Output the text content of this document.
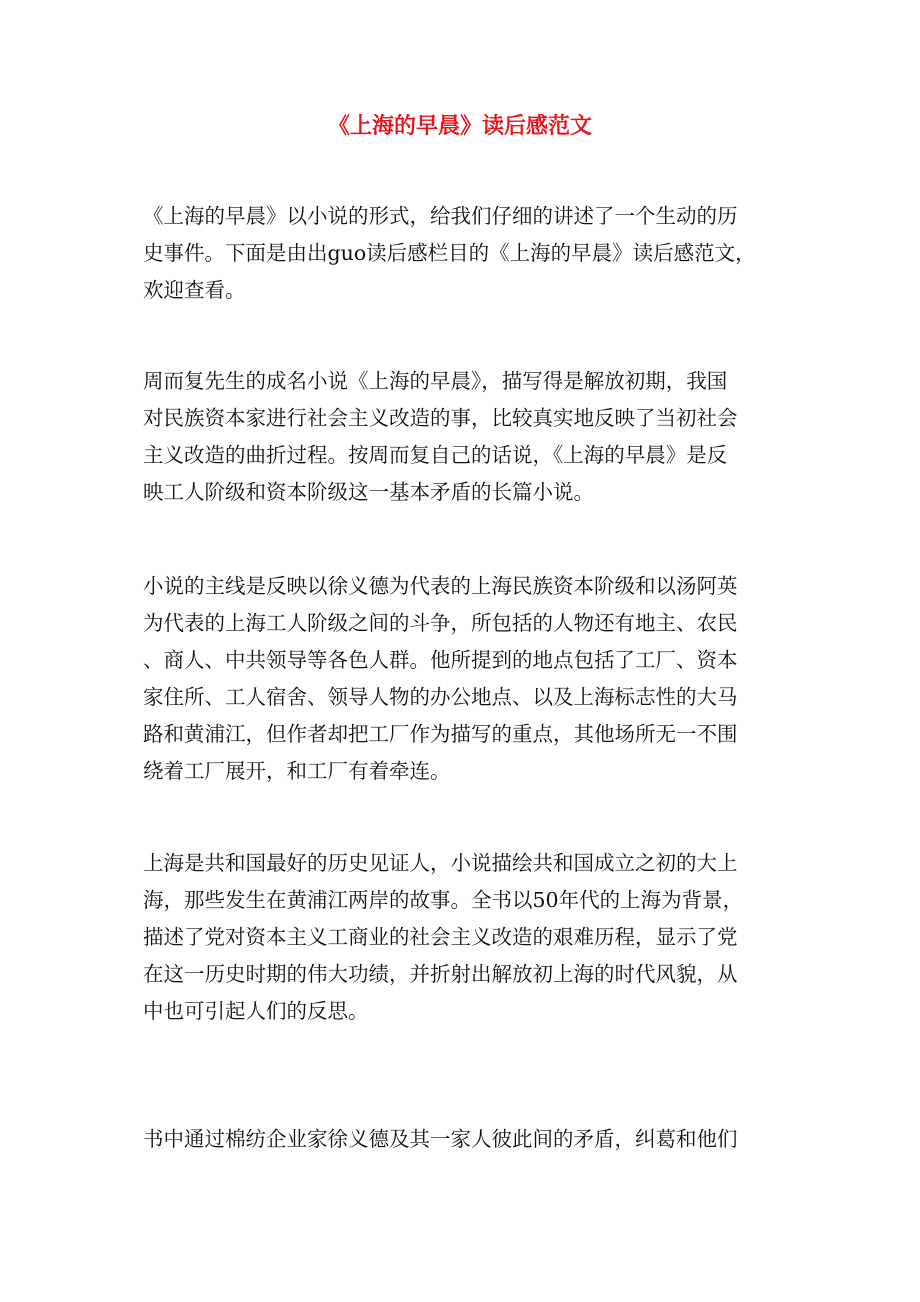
《上海的早晨》读后感范文
《上海的早晨》以小说的形式，给我们仔细的讲述了一个生动的历
史事件。下面是由出guo读后感栏目的《上海的早晨》读后感范文，
欢迎查看。
周而复先生的成名小说《上海的早晨》，描写得是解放初期，我国
对民族资本家进行社会主义改造的事，比较真实地反映了当初社会
主义改造的曲折过程。按周而复自己的话说，《上海的早晨》是反
映工人阶级和资本阶级这一基本矛盾的长篇小说。
小说的主线是反映以徐义德为代表的上海民族资本阶级和以汤阿英
为代表的上海工人阶级之间的斗争，所包括的人物还有地主、农民
、商人、中共领导等各色人群。他所提到的地点包括了工厂、资本
家住所、工人宿舍、领导人物的办公地点、以及上海标志性的大马
路和黄浦江，但作者却把工厂作为描写的重点，其他场所无一不围
绕着工厂展开，和工厂有着牵连。
上海是共和国最好的历史见证人，小说描绘共和国成立之初的大上
海，那些发生在黄浦江两岸的故事。全书以50年代的上海为背景，
描述了党对资本主义工商业的社会主义改造的艰难历程，显示了党
在这一历史时期的伟大功绩，并折射出解放初上海的时代风貌，从
中也可引起人们的反思。
书中通过棉纺企业家徐义德及其一家人彼此间的矛盾，纠葛和他们
